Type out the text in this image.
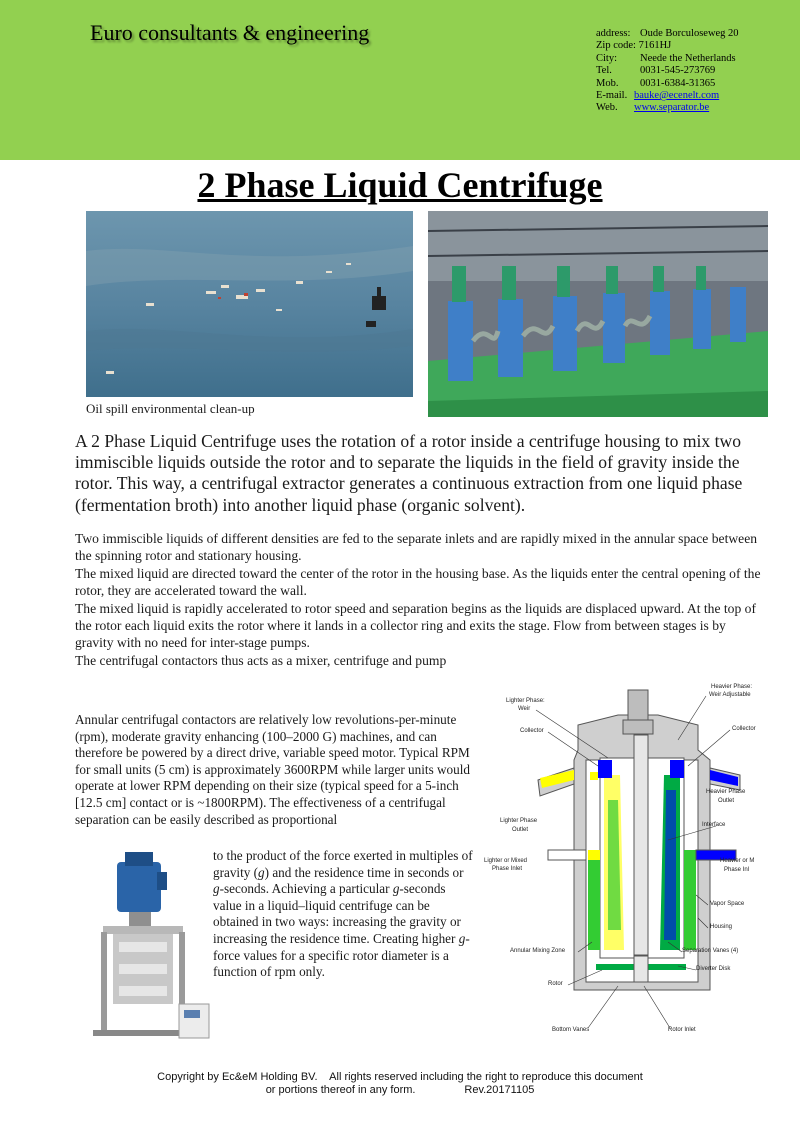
Euro consultants & engineering	address: Oude Borculoseweg 20
Zip code: 7161HJ
City: Neede the Netherlands
Tel.	0031-545-273769
Mob. 0031-6384-31365
E-mail. bauke@ecenelt.com
Web. www.separator.be
2 Phase Liquid Centrifuge
Oil spill environmental clean-up
A 2 Phase Liquid Centrifuge uses the rotation of a rotor inside a centrifuge housing to mix two immiscible liquids outside the rotor and to separate the liquids in the field of gravity inside the rotor. This way, a centrifugal extractor generates a continuous extraction from one liquid phase (fermentation broth) into another liquid phase (organic solvent).

Two immiscible liquids of different densities are fed to the separate inlets and are rapidly mixed in the annular space between the spinning rotor and stationary housing.

The mixed liquid are directed toward the center of the rotor in the housing base. As the liquids enter the central opening of the rotor, they are accelerated toward the wall.

The mixed liquid is rapidly accelerated to rotor speed and separation begins as the liquids are displaced upward. At the top of the rotor each liquid exits the rotor where it lands in a collector ring and exits the stage. Flow from between stages is by gravity with no need for inter-stage pumps.

The centrifugal contactors thus acts as a mixer, centrifuge and pump

Annular centrifugal contactors are relatively low revolutions-per-minute (rpm), moderate gravity enhancing (100–2000 G) machines, and can therefore be powered by a direct drive, variable speed motor. Typical RPM for small units (5 cm) is approximately 3600RPM while larger units would operate at lower RPM depending on their size (typical speed for a 5-inch [12.5 cm] contact or is ~1800RPM). The effectiveness of a centrifugal separation can be easily described as proportional
to the product of the force exerted in multiples of gravity (g) and the residence time in seconds or g-seconds. Achieving a particular g-seconds value in a liquid–liquid centrifuge can be obtained in two ways: increasing the gravity or increasing the residence time. Creating higher g-force values for a specific rotor diameter is a function of rpm only.
Heavier Phase:
Weir Adjustable
Lighter Phase:
Weir
Collector	Collector
Heavier Phase
Outlet
Lighter Phase
Outlet
Interface
Lighter or Mixed
Phase Inlet
Heavier or M
Phase Inl
Vapor Space
Housing
Annular Mixing Zone	Separation Vanes (4)
Diverter Disk
Rotor
Bottom Vanes	Rotor Inlet
Copyright by Ec&eM Holding BV.    All rights reserved including the right to reproduce this document
or portions thereof in any form.                Rev.20171105
